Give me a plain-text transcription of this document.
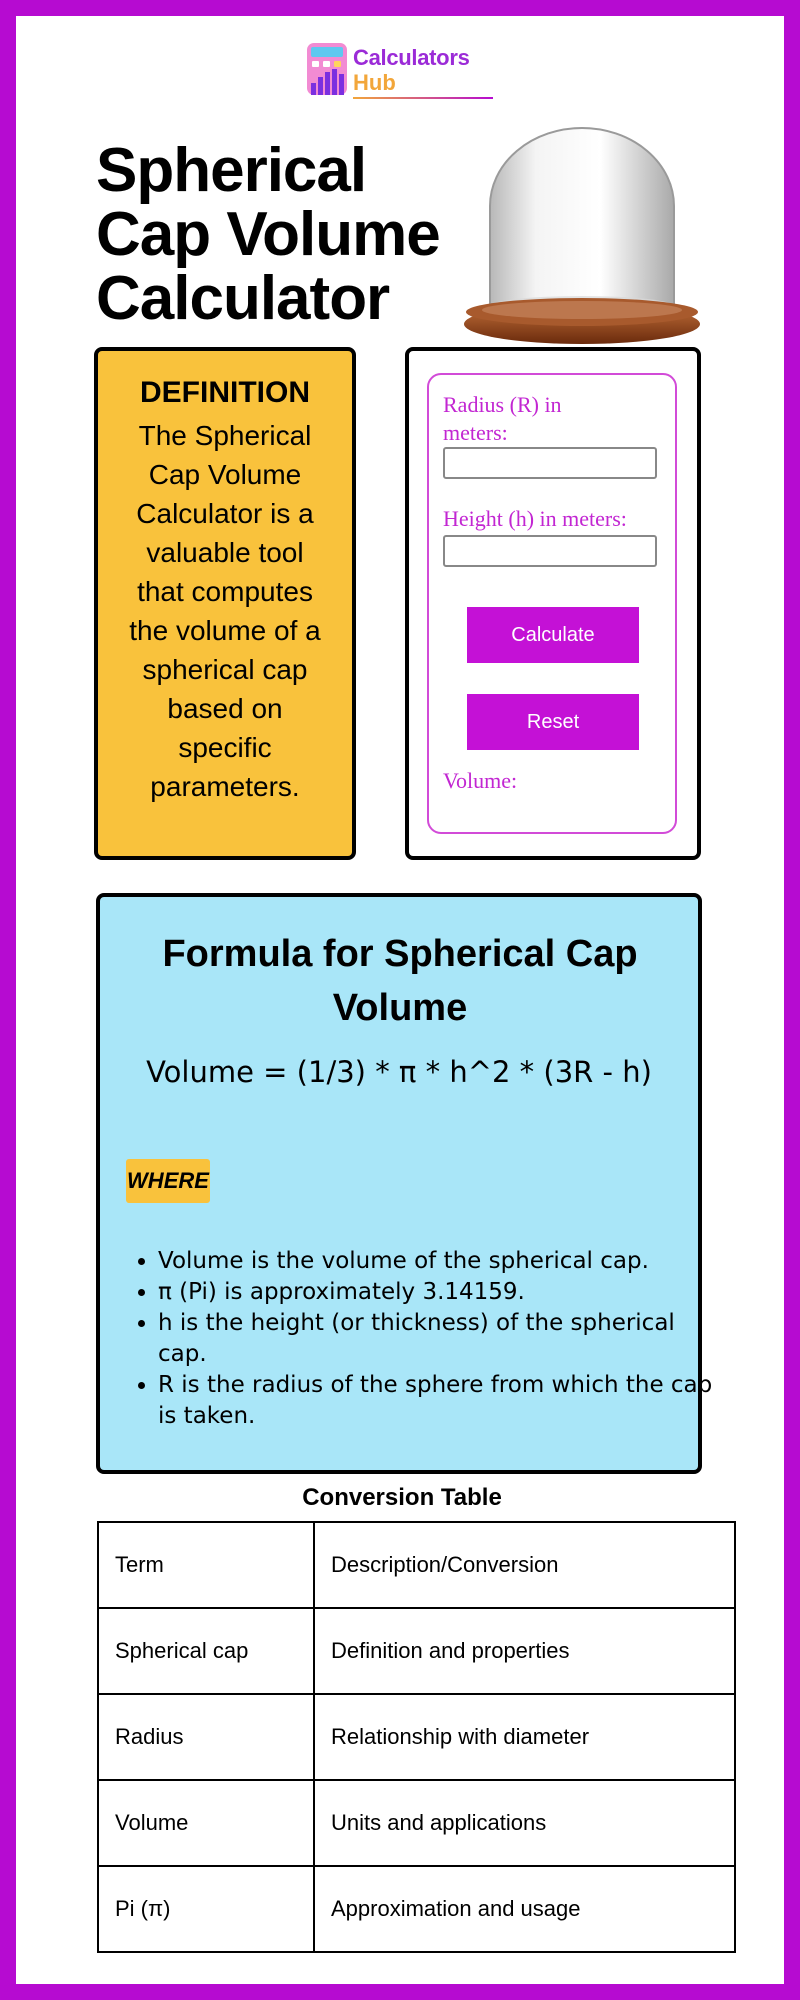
Calculators
Hub
Spherical Cap Volume Calculator
DEFINITION
The Spherical Cap Volume Calculator is a valuable tool that computes the volume of a spherical cap based on specific parameters.
Radius (R) in meters:
Height (h) in meters:
Calculate
Reset
Volume:
Formula for Spherical Cap Volume
Volume = (1/3) * π * h^2 * (3R - h)
WHERE
• Volume is the volume of the spherical cap.
• π (Pi) is approximately 3.14159.
• h is the height (or thickness) of the spherical cap.
• R is the radius of the sphere from which the cap is taken.
Conversion Table
Term	Description/Conversion
Spherical cap	Definition and properties
Radius	Relationship with diameter
Volume	Units and applications
Pi (π)	Approximation and usage
